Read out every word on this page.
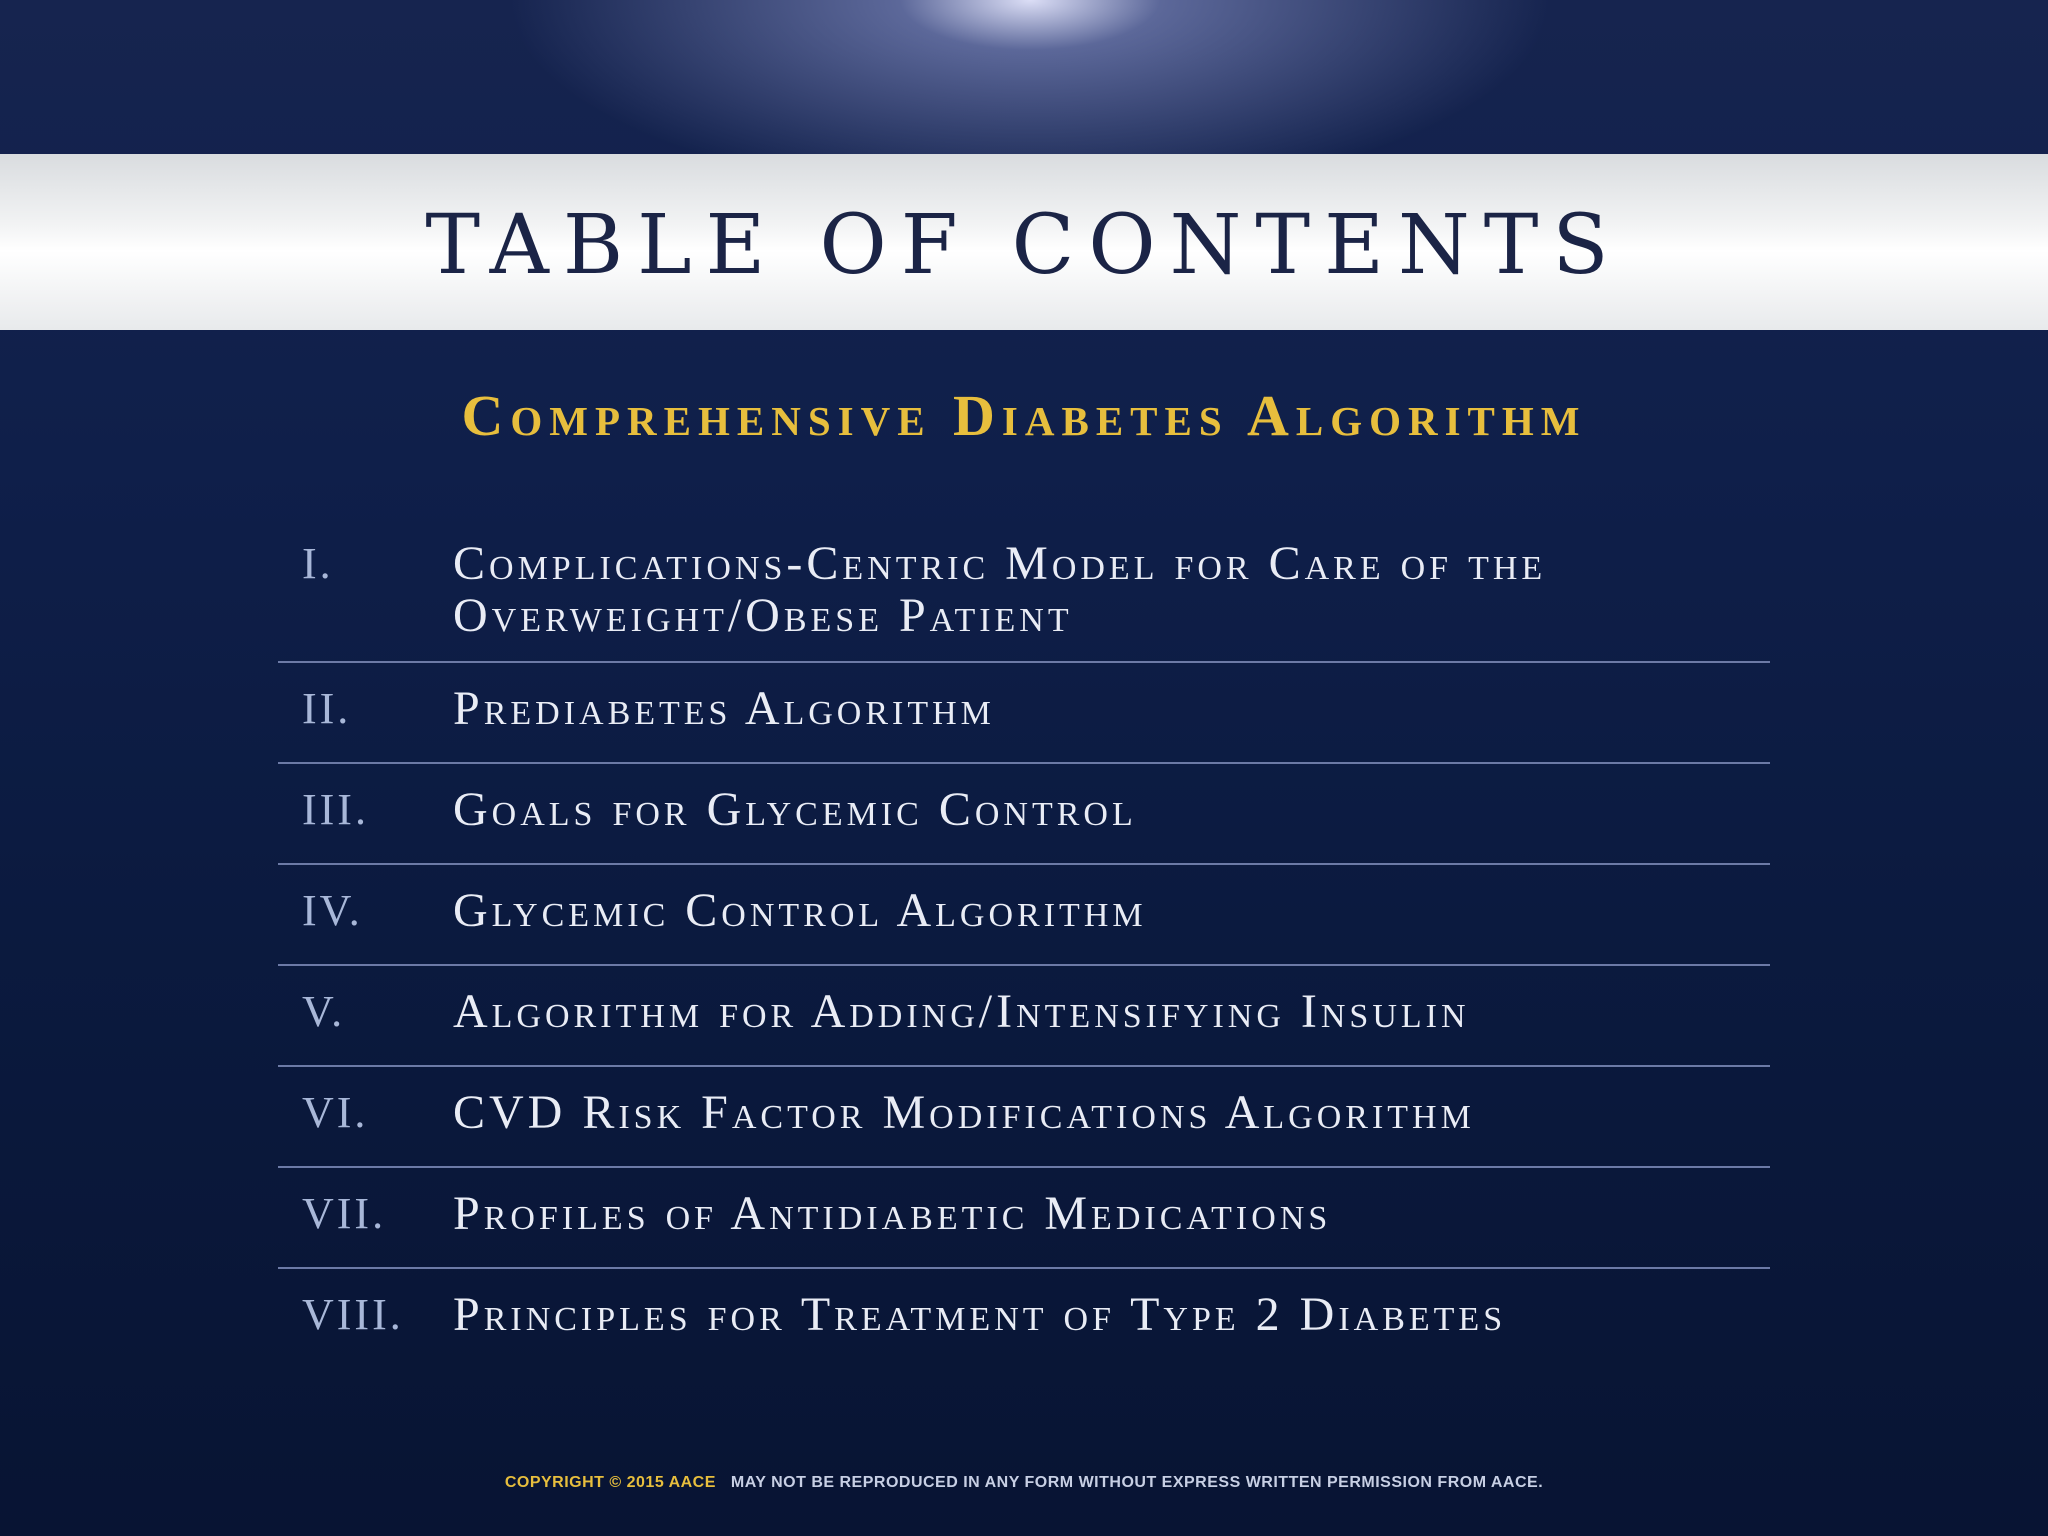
TABLE OF CONTENTS
Comprehensive Diabetes Algorithm
I.	Complications-Centric Model for Care of the Overweight/Obese Patient
II.	Prediabetes Algorithm
III.	Goals for Glycemic Control
IV.	Glycemic Control Algorithm
V.	Algorithm for Adding/Intensifying Insulin
VI.	CVD Risk Factor Modifications Algorithm
VII.	Profiles of Antidiabetic Medications
VIII.	Principles for Treatment of Type 2 Diabetes

COPYRIGHT © 2015 AACE MAY NOT BE REPRODUCED IN ANY FORM WITHOUT EXPRESS WRITTEN PERMISSION FROM AACE.
